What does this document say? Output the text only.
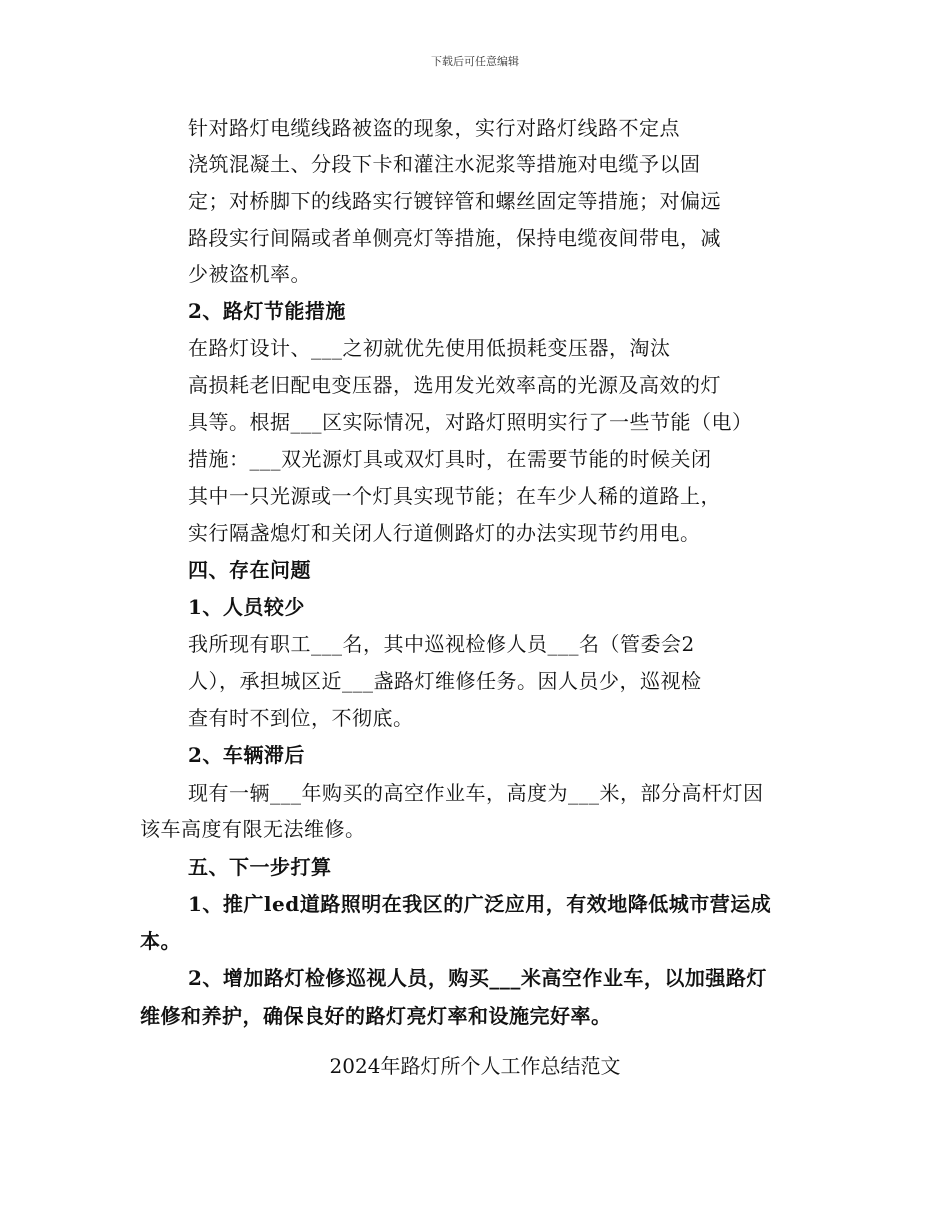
下载后可任意编辑
针对路灯电缆线路被盗的现象，实行对路灯线路不定点
浇筑混凝土、分段下卡和灌注水泥浆等措施对电缆予以固
定；对桥脚下的线路实行镀锌管和螺丝固定等措施；对偏远
路段实行间隔或者单侧亮灯等措施，保持电缆夜间带电，减
少被盗机率。
2、路灯节能措施
在路灯设计、___之初就优先使用低损耗变压器，淘汰
高损耗老旧配电变压器，选用发光效率高的光源及高效的灯
具等。根据___区实际情况，对路灯照明实行了一些节能（电）
措施：___双光源灯具或双灯具时，在需要节能的时候关闭
其中一只光源或一个灯具实现节能；在车少人稀的道路上，
实行隔盏熄灯和关闭人行道侧路灯的办法实现节约用电。
四、存在问题
1、人员较少
我所现有职工___名，其中巡视检修人员___名（管委会2
人），承担城区近___盏路灯维修任务。因人员少，巡视检
查有时不到位，不彻底。
2、车辆滞后
现有一辆___年购买的高空作业车，高度为___米，部分高杆灯因
该车高度有限无法维修。
五、下一步打算
1、推广led道路照明在我区的广泛应用，有效地降低城市营运成
本。
2、增加路灯检修巡视人员，购买___米高空作业车，以加强路灯
维修和养护，确保良好的路灯亮灯率和设施完好率。
2024年路灯所个人工作总结范文
